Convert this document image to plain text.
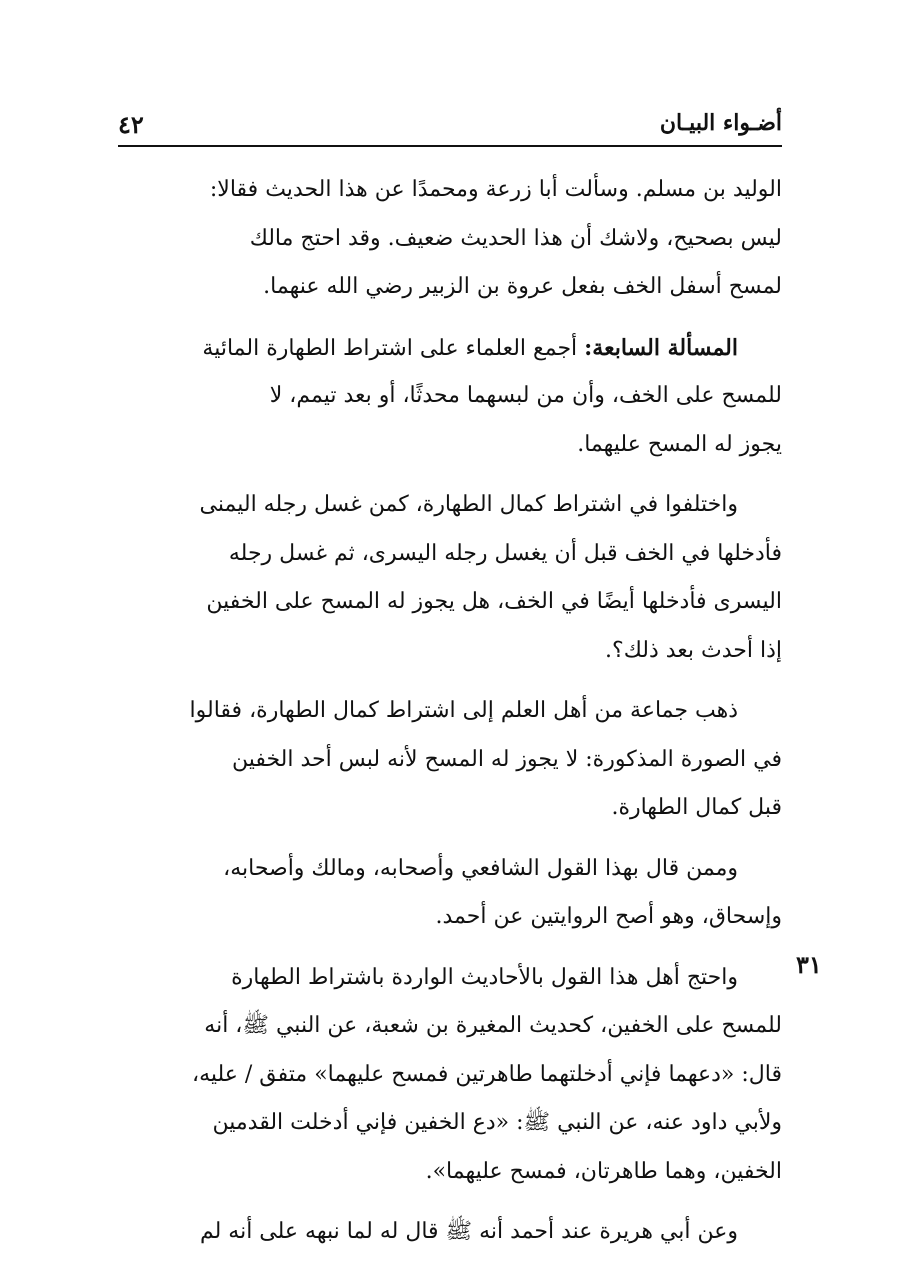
أضـواء البيـان
٤٢

الوليد بن مسلم. وسألت أبا زرعة ومحمدًا عن هذا الحديث فقالا:
ليس بصحيح، ولاشك أن هذا الحديث ضعيف. وقد احتج مالك
لمسح أسفل الخف بفعل عروة بن الزبير رضي الله عنهما.

المسألة السابعة: أجمع العلماء على اشتراط الطهارة المائية
للمسح على الخف، وأن من لبسهما محدثًا، أو بعد تيمم، لا
يجوز له المسح عليهما.

واختلفوا في اشتراط كمال الطهارة، كمن غسل رجله اليمنى
فأدخلها في الخف قبل أن يغسل رجله اليسرى، ثم غسل رجله
اليسرى فأدخلها أيضًا في الخف، هل يجوز له المسح على الخفين
إذا أحدث بعد ذلك؟.

ذهب جماعة من أهل العلم إلى اشتراط كمال الطهارة، فقالوا
في الصورة المذكورة: لا يجوز له المسح لأنه لبس أحد الخفين
قبل كمال الطهارة.

وممن قال بهذا القول الشافعي وأصحابه، ومالك وأصحابه،
وإسحاق، وهو أصح الروايتين عن أحمد.

واحتج أهل هذا القول بالأحاديث الواردة باشتراط الطهارة
للمسح على الخفين، كحديث المغيرة بن شعبة، عن النبي ﷺ، أنه
قال: «دعهما فإني أدخلتهما طاهرتين فمسح عليهما» متفق / عليه،
ولأبي داود عنه، عن النبي ﷺ: «دع الخفين فإني أدخلت القدمين
الخفين، وهما طاهرتان، فمسح عليهما».

وعن أبي هريرة عند أحمد أنه ﷺ قال له لما نبهه على أنه لم

٣١
